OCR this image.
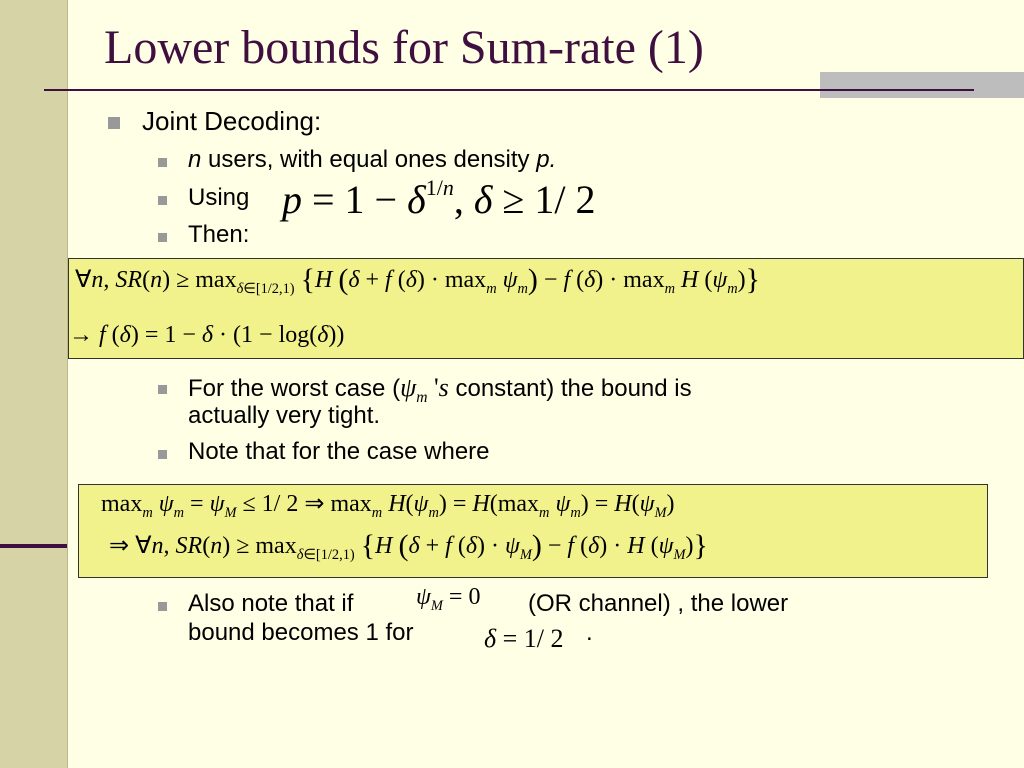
Lower bounds for Sum-rate (1)
Joint Decoding:
n users, with equal ones density p.
Using $p = 1 - \delta^{1/n}$, δ ≥ 1/ 2
Then:
∀n, $SR(n) \ge \max_{\delta\in[1/2,1)} \{H$ (δ + f $(\delta) \cdot \max_m \psi_m) - f$ $(\delta) \cdot \max_m H$ $(\psi_m)$}
→ f (δ) = 1 − δ · (1 − log(δ))
For the worst case ($\psi_m$ 's constant) the bound is
actually very tight.
Note that for the case where
$\max_m \psi_m = \psi_M \le 1/$ 2 ⇒ $\max_m H(\psi_m) = H(\max_m$ $\psi_m) = H(\psi_M)$
⇒ ∀n, $SR(n) \ge \max_{\delta\in[1/2,1)} \{H$ (δ + f $(\delta) \cdot \psi_M) - f$ (δ) · H $(\psi_M)$}
Also note that if	$\psi_M = 0$ (OR channel) , the lower
bound becomes 1 for	δ = 1/ 2 .
